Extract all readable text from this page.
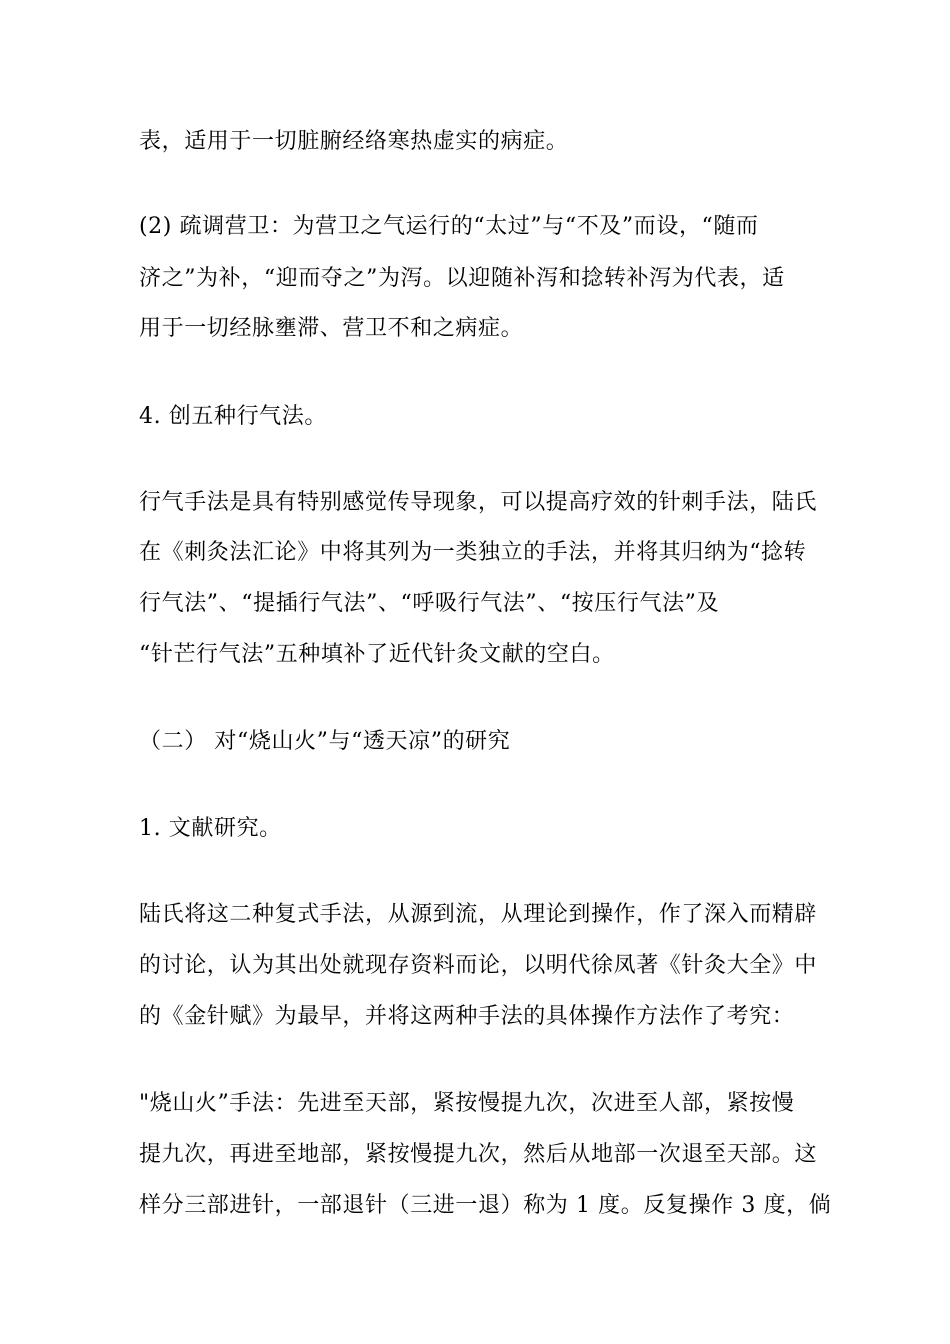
表，适用于一切脏腑经络寒热虚实的病症。
(2) 疏调营卫：为营卫之气运行的“太过”与“不及”而设，“随而
济之”为补，“迎而夺之”为泻。以迎随补泻和捻转补泻为代表，适
用于一切经脉壅滞、营卫不和之病症。
4. 创五种行气法。
行气手法是具有特别感觉传导现象，可以提高疗效的针刺手法，陆氏
在《刺灸法汇论》中将其列为一类独立的手法，并将其归纳为“捻转
行气法”、“提插行气法”、“呼吸行气法”、“按压行气法”及
“针芒行气法”五种填补了近代针灸文献的空白。
（二） 对“烧山火”与“透天凉”的研究
1. 文献研究。
陆氏将这二种复式手法，从源到流，从理论到操作，作了深入而精辟
的讨论，认为其出处就现存资料而论，以明代徐凤著《针灸大全》中
的《金针赋》为最早，并将这两种手法的具体操作方法作了考究：
"烧山火”手法：先进至天部，紧按慢提九次，次进至人部，紧按慢
提九次，再进至地部，紧按慢提九次，然后从地部一次退至天部。这
样分三部进针，一部退针（三进一退）称为 1 度。反复操作 3 度，倘
